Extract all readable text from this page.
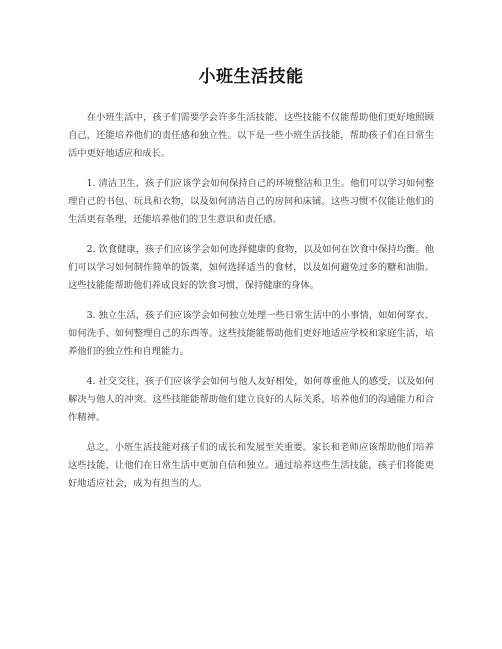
小班生活技能

在小班生活中，孩子们需要学会许多生活技能，这些技能不仅能帮助他们更好地照顾自己，还能培养他们的责任感和独立性。以下是一些小班生活技能，帮助孩子们在日常生活中更好地适应和成长。

1. 清洁卫生，孩子们应该学会如何保持自己的环境整洁和卫生。他们可以学习如何整理自己的书包、玩具和衣物，以及如何清洁自己的房间和床铺。这些习惯不仅能让他们的生活更有条理，还能培养他们的卫生意识和责任感。

2. 饮食健康，孩子们应该学会如何选择健康的食物，以及如何在饮食中保持均衡。他们可以学习如何制作简单的饭菜，如何选择适当的食材，以及如何避免过多的糖和油脂。这些技能能帮助他们养成良好的饮食习惯，保持健康的身体。

3. 独立生活，孩子们应该学会如何独立处理一些日常生活中的小事情，如如何穿衣、如何洗手、如何整理自己的东西等。这些技能能帮助他们更好地适应学校和家庭生活，培养他们的独立性和自理能力。

4. 社交交往，孩子们应该学会如何与他人友好相处，如何尊重他人的感受，以及如何解决与他人的冲突。这些技能能帮助他们建立良好的人际关系，培养他们的沟通能力和合作精神。

总之，小班生活技能对孩子们的成长和发展至关重要。家长和老师应该帮助他们培养这些技能，让他们在日常生活中更加自信和独立。通过培养这些生活技能，孩子们将能更好地适应社会，成为有担当的人。
